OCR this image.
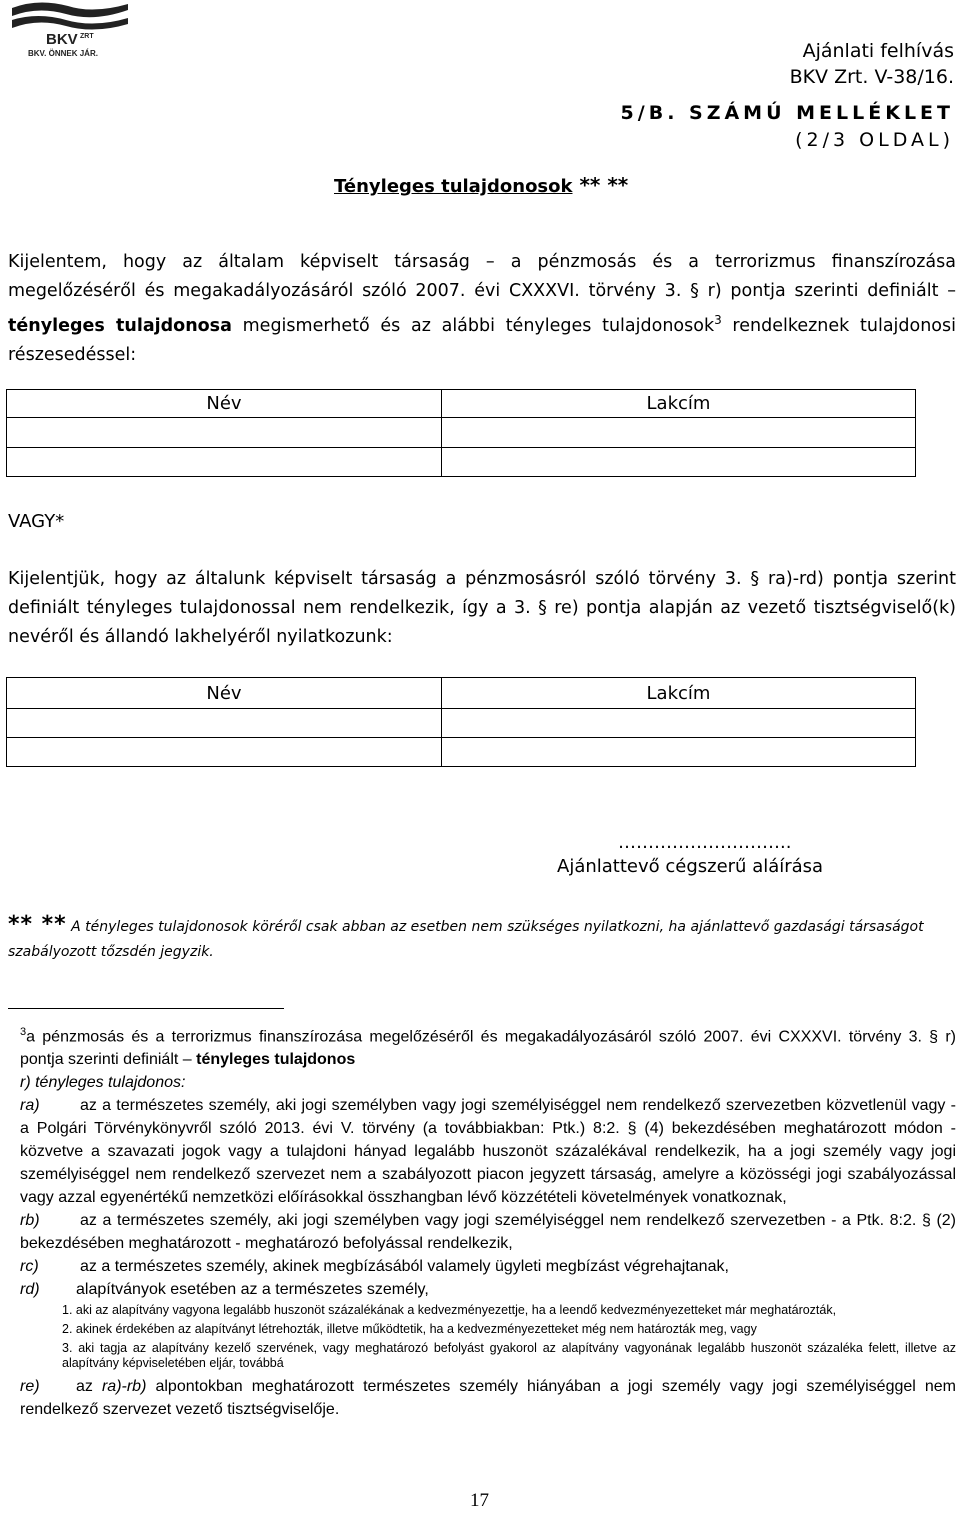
BKV ZRT
BKV. ÖNNEK JÁR.	Ajánlati felhívás
BKV Zrt. V-38/16.
5/B. SZÁMÚ MELLÉKLET
(2/3 OLDAL)
Tényleges tulajdonosok ** **
Kijelentem, hogy az általam képviselt társaság – a pénzmosás és a terrorizmus finanszírozása megelőzéséről és megakadályozásáról szóló 2007. évi CXXXVI. törvény 3. § r) pontja szerinti definiált – tényleges tulajdonosa megismerhető és az alábbi tényleges tulajdonosok$^3$ rendelkeznek tulajdonosi részesedéssel:
Név	Lakcím

VAGY*
Kijelentjük, hogy az általunk képviselt társaság a pénzmosásról szóló törvény 3. § ra)-rd) pontja szerint definiált tényleges tulajdonossal nem rendelkezik, így a 3. § re) pontja alapján az vezető tisztségviselő(k) nevéről és állandó lakhelyéről nyilatkozunk:
Név	Lakcím

………………………..
Ajánlattevő cégszerű aláírása
** ** A tényleges tulajdonosok köréről csak abban az esetben nem szükséges nyilatkozni, ha ajánlattevő gazdasági társaságot szabályozott tőzsdén jegyzik.
$^3$a pénzmosás és a terrorizmus finanszírozása megelőzéséről és megakadályozásáról szóló 2007. évi CXXXVI. törvény 3. § r) pontja szerinti definiált – tényleges tulajdonos
r) tényleges tulajdonos:
ra)	az a természetes személy, aki jogi személyben vagy jogi személyiséggel nem rendelkező szervezetben közvetlenül vagy - a Polgári Törvénykönyvről szóló 2013. évi V. törvény (a továbbiakban: Ptk.) 8:2. § (4) bekezdésében meghatározott módon - közvetve a szavazati jogok vagy a tulajdoni hányad legalább huszonöt százalékával rendelkezik, ha a jogi személy vagy jogi személyiséggel nem rendelkező szervezet nem a szabályozott piacon jegyzett társaság, amelyre a közösségi jogi szabályozással vagy azzal egyenértékű nemzetközi előírásokkal összhangban lévő közzétételi követelmények vonatkoznak,
rb)	az a természetes személy, aki jogi személyben vagy jogi személyiséggel nem rendelkező szervezetben - a Ptk. 8:2. § (2) bekezdésében meghatározott - meghatározó befolyással rendelkezik,
rc)	az a természetes személy, akinek megbízásából valamely ügyleti megbízást végrehajtanak,
rd) alapítványok esetében az a természetes személy,
1. aki az alapítvány vagyona legalább huszonöt százalékának a kedvezményezettje, ha a leendő kedvezményezetteket már meghatározták,
2. akinek érdekében az alapítványt létrehozták, illetve működtetik, ha a kedvezményezetteket még nem határozták meg, vagy
3. aki tagja az alapítvány kezelő szervének, vagy meghatározó befolyást gyakorol az alapítvány vagyonának legalább huszonöt százaléka felett, illetve az alapítvány képviseletében eljár, továbbá
re) az ra)-rb) alpontokban meghatározott természetes személy hiányában a jogi személy vagy jogi személyiséggel nem rendelkező szervezet vezető tisztségviselője.
17
